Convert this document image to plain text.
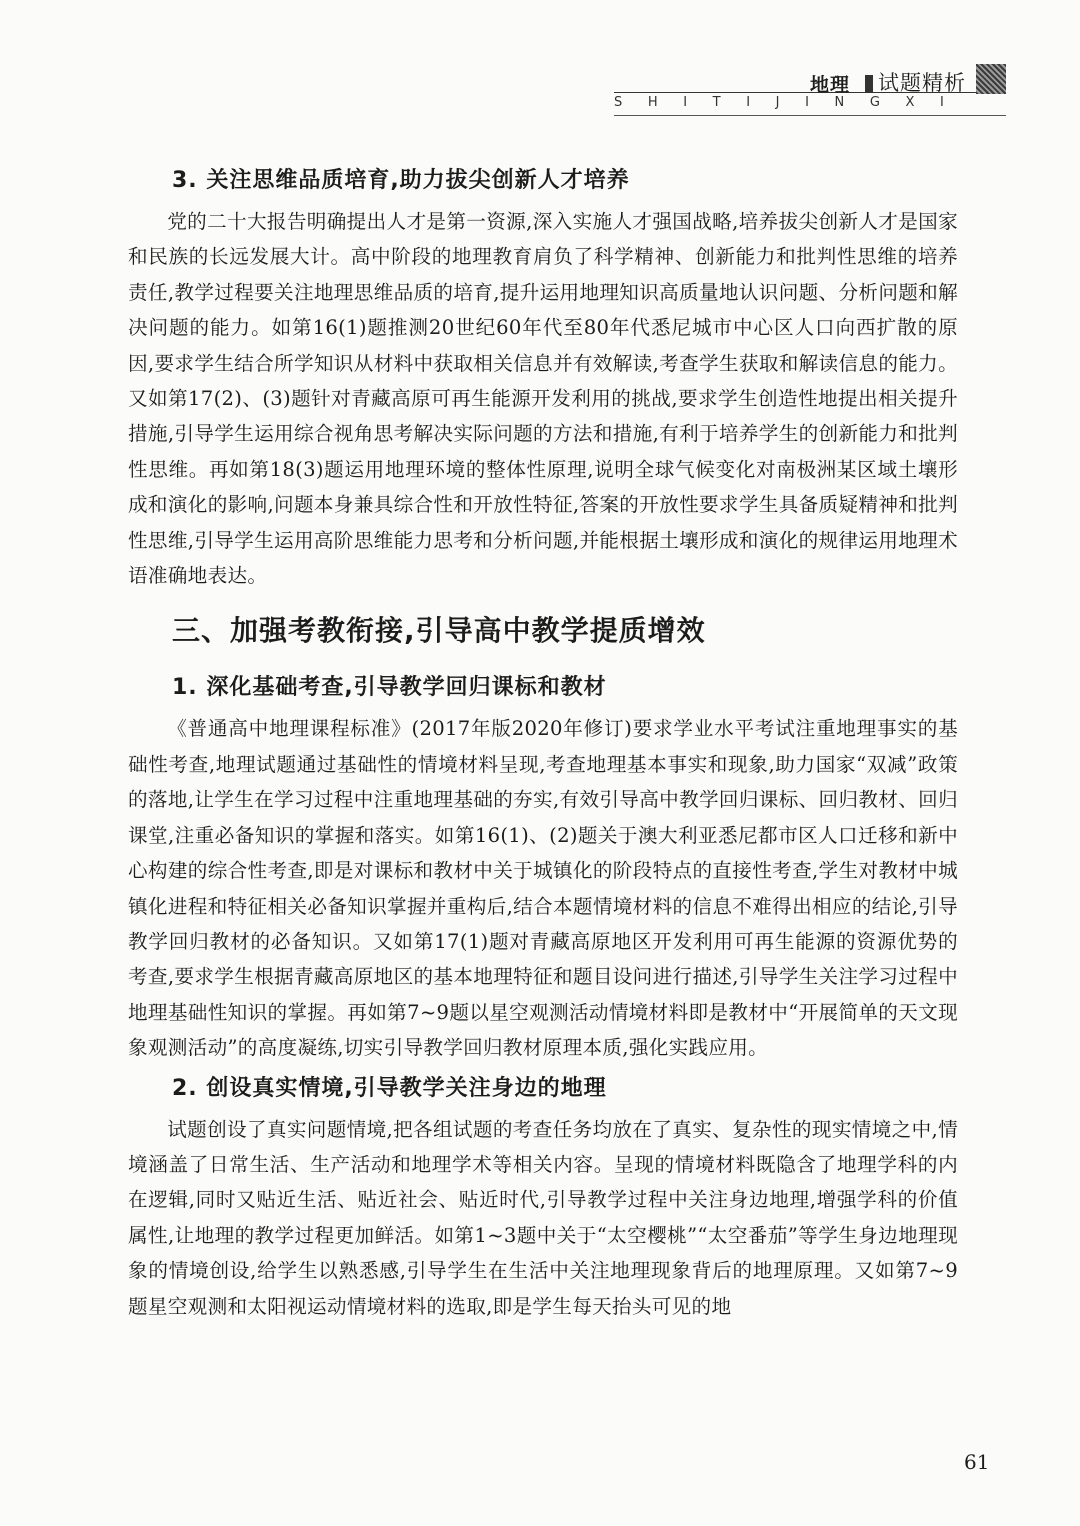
地理 试题精析
S H I T I J I N G X I
3. 关注思维品质培育,助力拔尖创新人才培养

党的二十大报告明确提出人才是第一资源,深入实施人才强国战略,培养拔尖创新人才是国家和民族的长远发展大计。高中阶段的地理教育肩负了科学精神、创新能力和批判性思维的培养责任,教学过程要关注地理思维品质的培育,提升运用地理知识高质量地认识问题、分析问题和解决问题的能力。如第16(1)题推测20世纪60年代至80年代悉尼城市中心区人口向西扩散的原因,要求学生结合所学知识从材料中获取相关信息并有效解读,考查学生获取和解读信息的能力。又如第17(2)、(3)题针对青藏高原可再生能源开发利用的挑战,要求学生创造性地提出相关提升措施,引导学生运用综合视角思考解决实际问题的方法和措施,有利于培养学生的创新能力和批判性思维。再如第18(3)题运用地理环境的整体性原理,说明全球气候变化对南极洲某区域土壤形成和演化的影响,问题本身兼具综合性和开放性特征,答案的开放性要求学生具备质疑精神和批判性思维,引导学生运用高阶思维能力思考和分析问题,并能根据土壤形成和演化的规律运用地理术语准确地表达。

三、加强考教衔接,引导高中教学提质增效
1. 深化基础考查,引导教学回归课标和教材

《普通高中地理课程标准》(2017年版2020年修订)要求学业水平考试注重地理事实的基础性考查,地理试题通过基础性的情境材料呈现,考查地理基本事实和现象,助力国家“双减”政策的落地,让学生在学习过程中注重地理基础的夯实,有效引导高中教学回归课标、回归教材、回归课堂,注重必备知识的掌握和落实。如第16(1)、(2)题关于澳大利亚悉尼都市区人口迁移和新中心构建的综合性考查,即是对课标和教材中关于城镇化的阶段特点的直接性考查,学生对教材中城镇化进程和特征相关必备知识掌握并重构后,结合本题情境材料的信息不难得出相应的结论,引导教学回归教材的必备知识。又如第17(1)题对青藏高原地区开发利用可再生能源的资源优势的考查,要求学生根据青藏高原地区的基本地理特征和题目设问进行描述,引导学生关注学习过程中地理基础性知识的掌握。再如第7~9题以星空观测活动情境材料即是教材中“开展简单的天文现象观测活动”的高度凝练,切实引导教学回归教材原理本质,强化实践应用。

2. 创设真实情境,引导教学关注身边的地理

试题创设了真实问题情境,把各组试题的考查任务均放在了真实、复杂性的现实情境之中,情境涵盖了日常生活、生产活动和地理学术等相关内容。呈现的情境材料既隐含了地理学科的内在逻辑,同时又贴近生活、贴近社会、贴近时代,引导教学过程中关注身边地理,增强学科的价值属性,让地理的教学过程更加鲜活。如第1~3题中关于“太空樱桃”“太空番茄”等学生身边地理现象的情境创设,给学生以熟悉感,引导学生在生活中关注地理现象背后的地理原理。又如第7~9题星空观测和太阳视运动情境材料的选取,即是学生每天抬头可见的地

61
